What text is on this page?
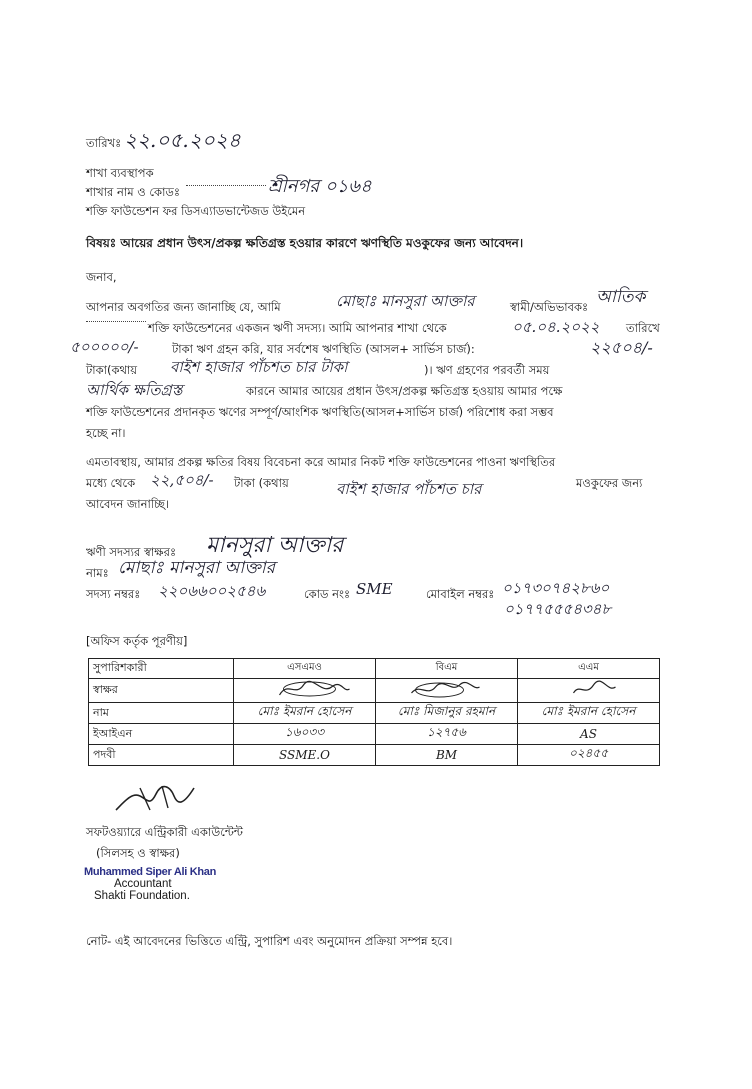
তারিখঃ ২২.০৫.২০২৪
শাখা ব্যবস্থাপক
শাখার নাম ও কোডঃ	শ্রীনগর ০১৬৪
শক্তি ফাউন্ডেশন ফর ডিসএ্যাডভান্টেজড উইমেন
বিষয়ঃ আয়ের প্রধান উৎস/প্রকল্প ক্ষতিগ্রস্ত হওয়ার কারণে ঋণস্থিতি মওকুফের জন্য আবেদন।
জনাব,
আপনার অবগতির জন্য জানাচ্ছি যে, আমি	মোছাঃ মানসুরা আক্তার	স্বামী/অভিভাবকঃ আতিক
শক্তি ফাউন্ডেশনের একজন ঋণী সদস্য। আমি আপনার শাখা থেকে	০৫.০৪.২০২২ তারিখে
৫০০০০০/-	টাকা ঋণ গ্রহন করি, যার সর্বশেষ ঋণস্থিতি (আসল+ সার্ভিস চার্জ):	২২৫০৪/-
টাকা(কথায় বাইশ হাজার পাঁচশত চার টাকা	)। ঋণ গ্রহণের পরবর্তী সময়
আর্থিক ক্ষতিগ্রস্ত	কারনে আমার আয়ের প্রধান উৎস/প্রকল্প ক্ষতিগ্রস্ত হওয়ায় আমার পক্ষে
শক্তি ফাউন্ডেশনের প্রদানকৃত ঋণের সম্পূর্ণ/আংশিক ঋণস্থিতি(আসল+সার্ভিস চার্জ) পরিশোধ করা সম্ভব
হচ্ছে না।
এমতাবস্থায়, আমার প্রকল্প ক্ষতির বিষয় বিবেচনা করে আমার নিকট শক্তি ফাউন্ডেশনের পাওনা ঋণস্থিতির
মধ্যে থেকে ২২,৫০৪/- টাকা (কথায়	বাইশ হাজার পাঁচশত চার	মওকুফের জন্য
আবেদন জানাচ্ছি।
ঋণী সদস্যর স্বাক্ষরঃ মানসুরা আক্তার
নামঃ মোছাঃ মানসুরা আক্তার
সদস্য নম্বরঃ ২২০৬৬০০২৫৪৬	কোড নংঃ SME	মোবাইল নম্বরঃ ০১৭৩০৭৪২৮৬০
০১৭৭৫৫৫৪৩৪৮
[অফিস কর্তৃক পূরণীয়]
সুপারিশকারী	এসএমও	বিএম	এএম
স্বাক্ষর			
নাম	মোঃ ইমরান হোসেন	মোঃ মিজানুর রহমান	মোঃ ইমরান হোসেন
ইআইএন	১৬০৩৩	১২৭৫৬	AS
পদবী	SSME.O	BM	০২৪৫৫
সফটওয়্যারে এন্ট্রিকারী একাউন্টেন্ট
(সিলসহ ও স্বাক্ষর)
Muhammed Siper Ali Khan
Accountant
Shakti Foundation.
নোট- এই আবেদনের ভিত্তিতে এন্ট্রি, সুপারিশ এবং অনুমোদন প্রক্রিয়া সম্পন্ন হবে।
